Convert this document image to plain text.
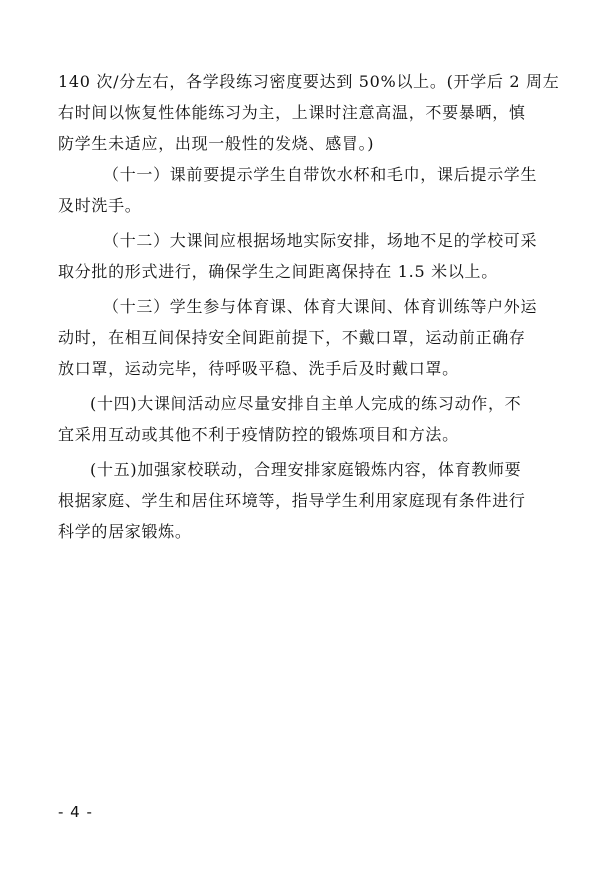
140 次/分左右，各学段练习密度要达到 50%以上。(开学后 2 周左
右时间以恢复性体能练习为主，上课时注意高温，不要暴晒，慎
防学生未适应，出现一般性的发烧、感冒。)
（十一）课前要提示学生自带饮水杯和毛巾，课后提示学生
及时洗手。
（十二）大课间应根据场地实际安排，场地不足的学校可采
取分批的形式进行，确保学生之间距离保持在 1.5 米以上。
（十三）学生参与体育课、体育大课间、体育训练等户外运
动时，在相互间保持安全间距前提下，不戴口罩，运动前正确存
放口罩，运动完毕，待呼吸平稳、洗手后及时戴口罩。
(十四)大课间活动应尽量安排自主单人完成的练习动作，不
宜采用互动或其他不利于疫情防控的锻炼项目和方法。
(十五)加强家校联动，合理安排家庭锻炼内容，体育教师要
根据家庭、学生和居住环境等，指导学生利用家庭现有条件进行
科学的居家锻炼。
- 4 -
